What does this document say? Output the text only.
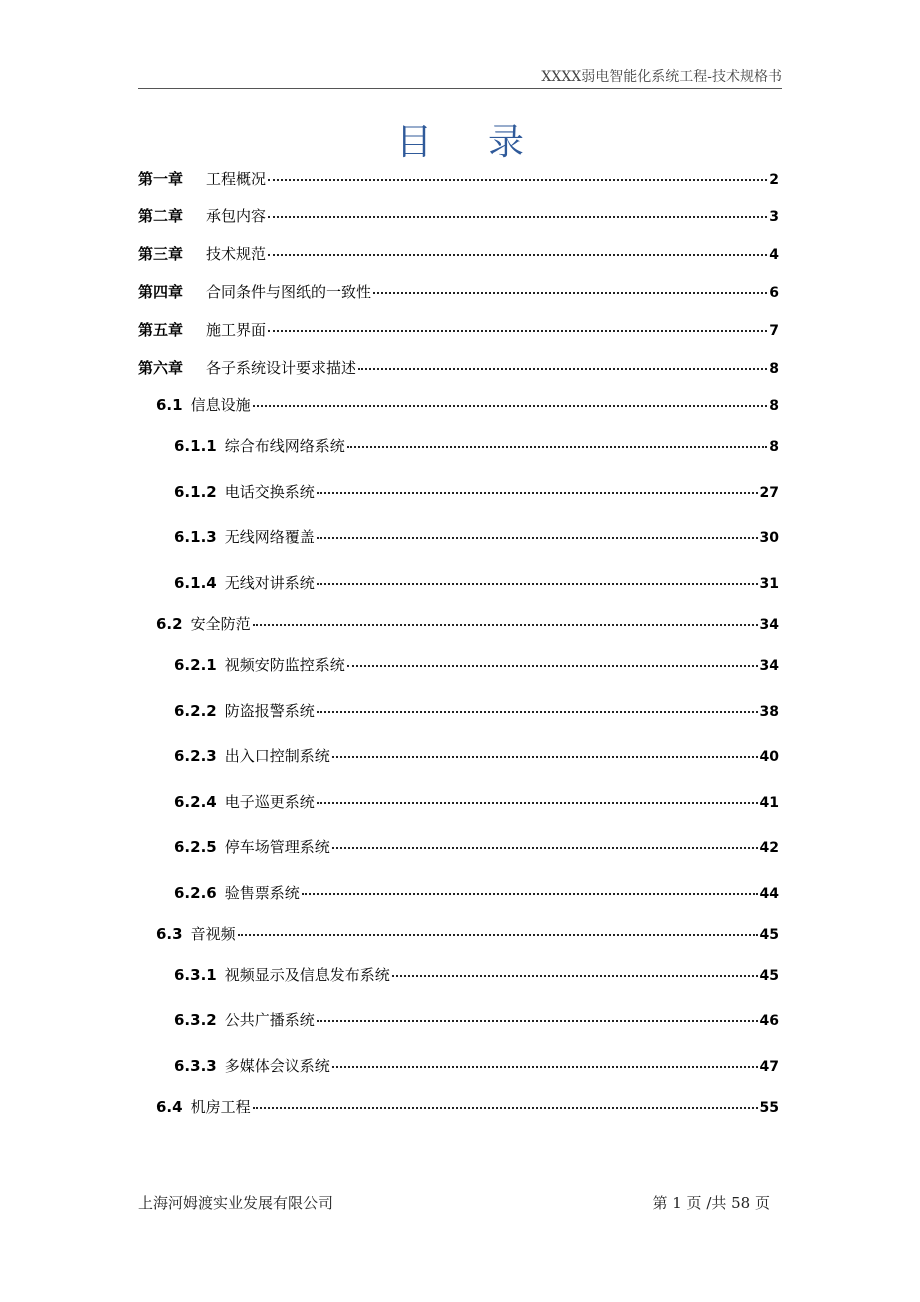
XXXX弱电智能化系统工程-技术规格书
目录
第一章	工程概况	2
第二章	承包内容	3
第三章	技术规范	4
第四章	合同条件与图纸的一致性	6
第五章	施工界面	7
第六章	各子系统设计要求描述	8
6.1 信息设施	8
6.1.1 综合布线网络系统	8
6.1.2 电话交换系统	27
6.1.3 无线网络覆盖	30
6.1.4 无线对讲系统	31
6.2 安全防范	34
6.2.1 视频安防监控系统	34
6.2.2 防盗报警系统	38
6.2.3 出入口控制系统	40
6.2.4 电子巡更系统	41
6.2.5 停车场管理系统	42
6.2.6 验售票系统	44
6.3 音视频	45
6.3.1 视频显示及信息发布系统	45
6.3.2 公共广播系统	46
6.3.3 多媒体会议系统	47
6.4 机房工程	55
上海河姆渡实业发展有限公司	第 1 页 /共 58 页
